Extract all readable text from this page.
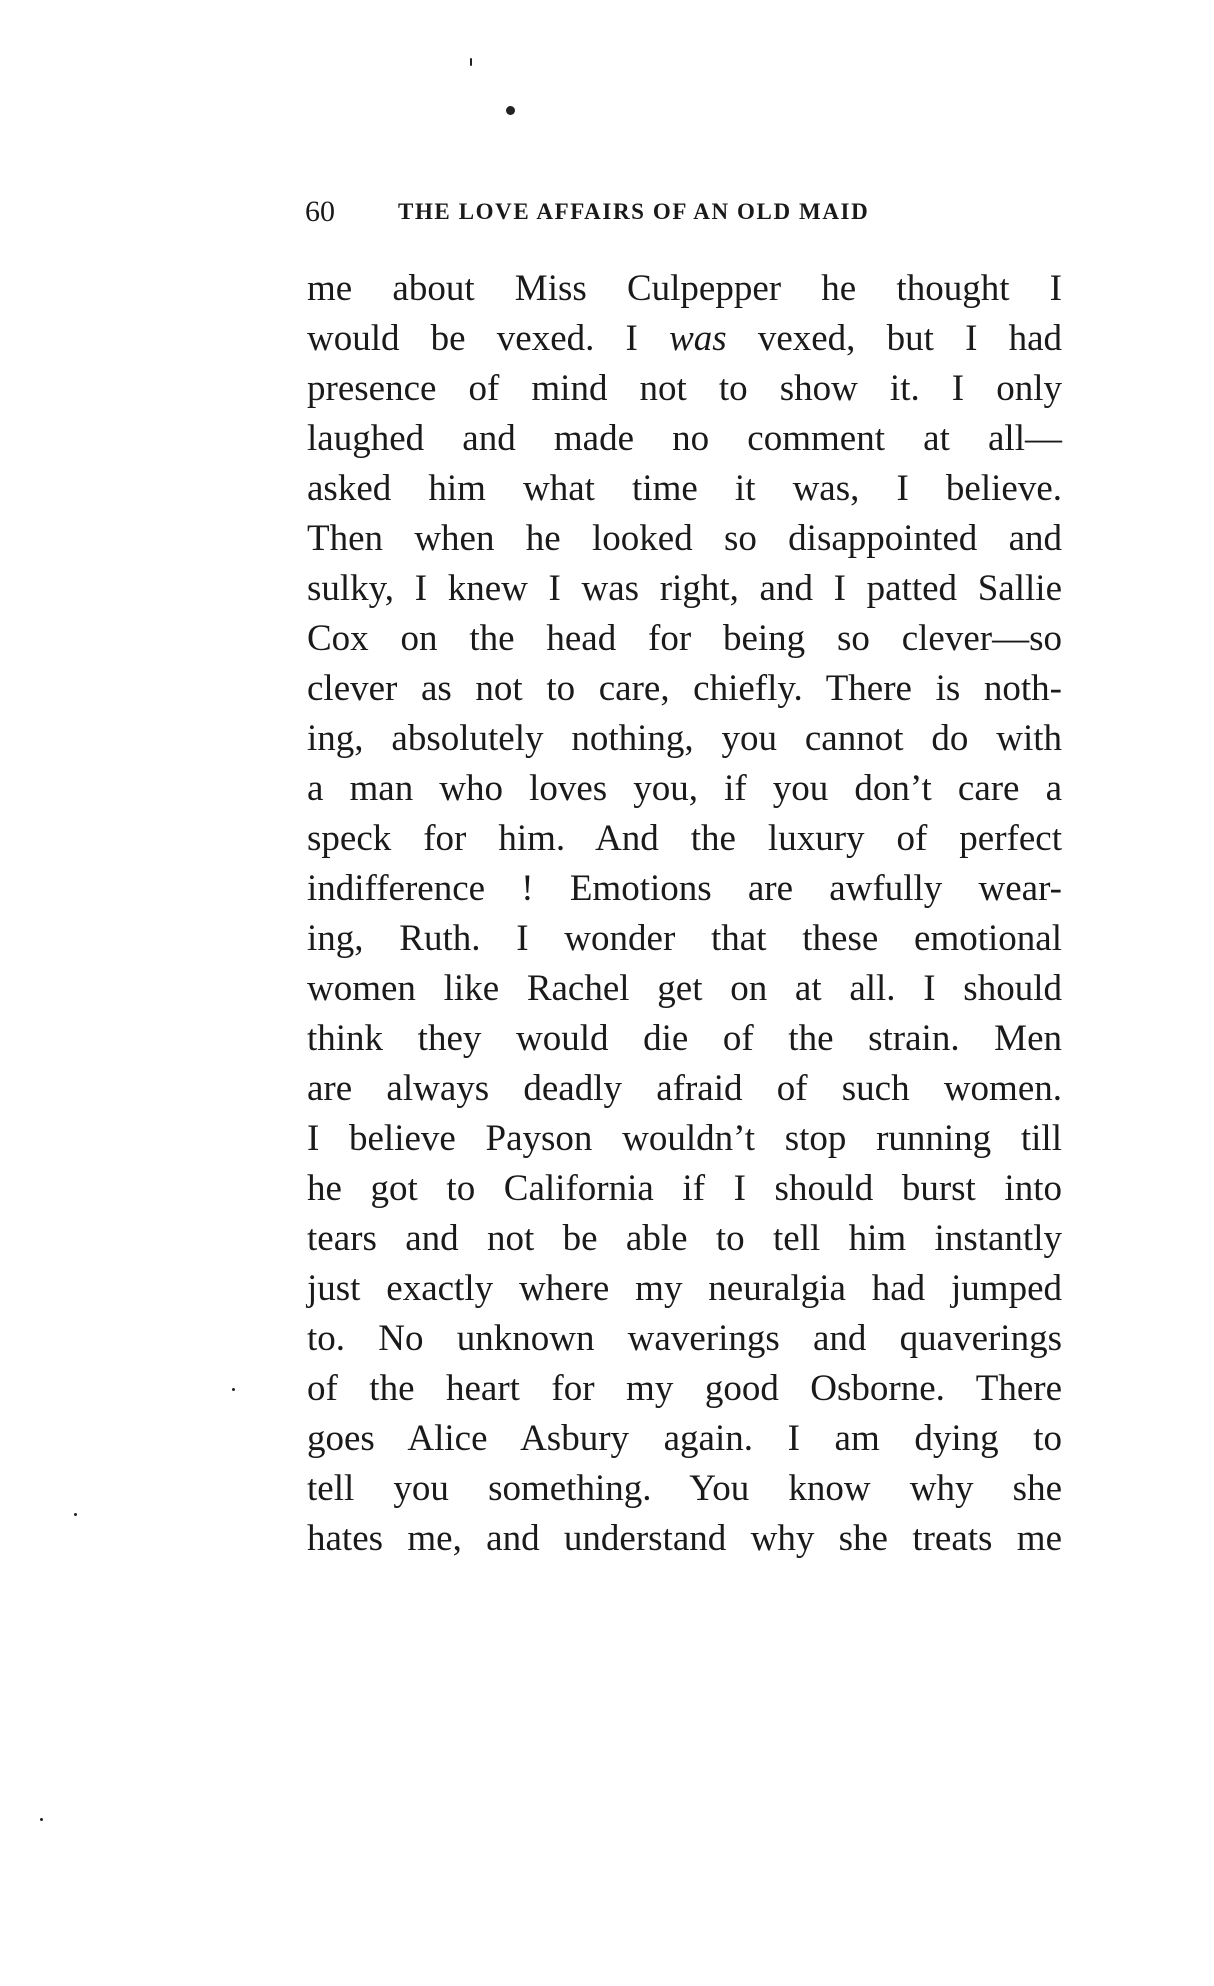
60	THE LOVE AFFAIRS OF AN OLD MAID
me about Miss Culpepper he thought I
would be vexed. I was vexed, but I had
presence of mind not to show it. I only
laughed and made no comment at all—
asked him what time it was, I believe.
Then when he looked so disappointed and
sulky, I knew I was right, and I patted Sallie
Cox on the head for being so clever—so
clever as not to care, chiefly. There is noth-
ing, absolutely nothing, you cannot do with
a man who loves you, if you don’t care a
speck for him. And the luxury of perfect
indifference ! Emotions are awfully wear-
ing, Ruth. I wonder that these emotional
women like Rachel get on at all. I should
think they would die of the strain. Men
are always deadly afraid of such women.
I believe Payson wouldn’t stop running till
he got to California if I should burst into
tears and not be able to tell him instantly
just exactly where my neuralgia had jumped
to. No unknown waverings and quaverings
of the heart for my good Osborne. There
goes Alice Asbury again. I am dying to
tell you something. You know why she
hates me, and understand why she treats me
